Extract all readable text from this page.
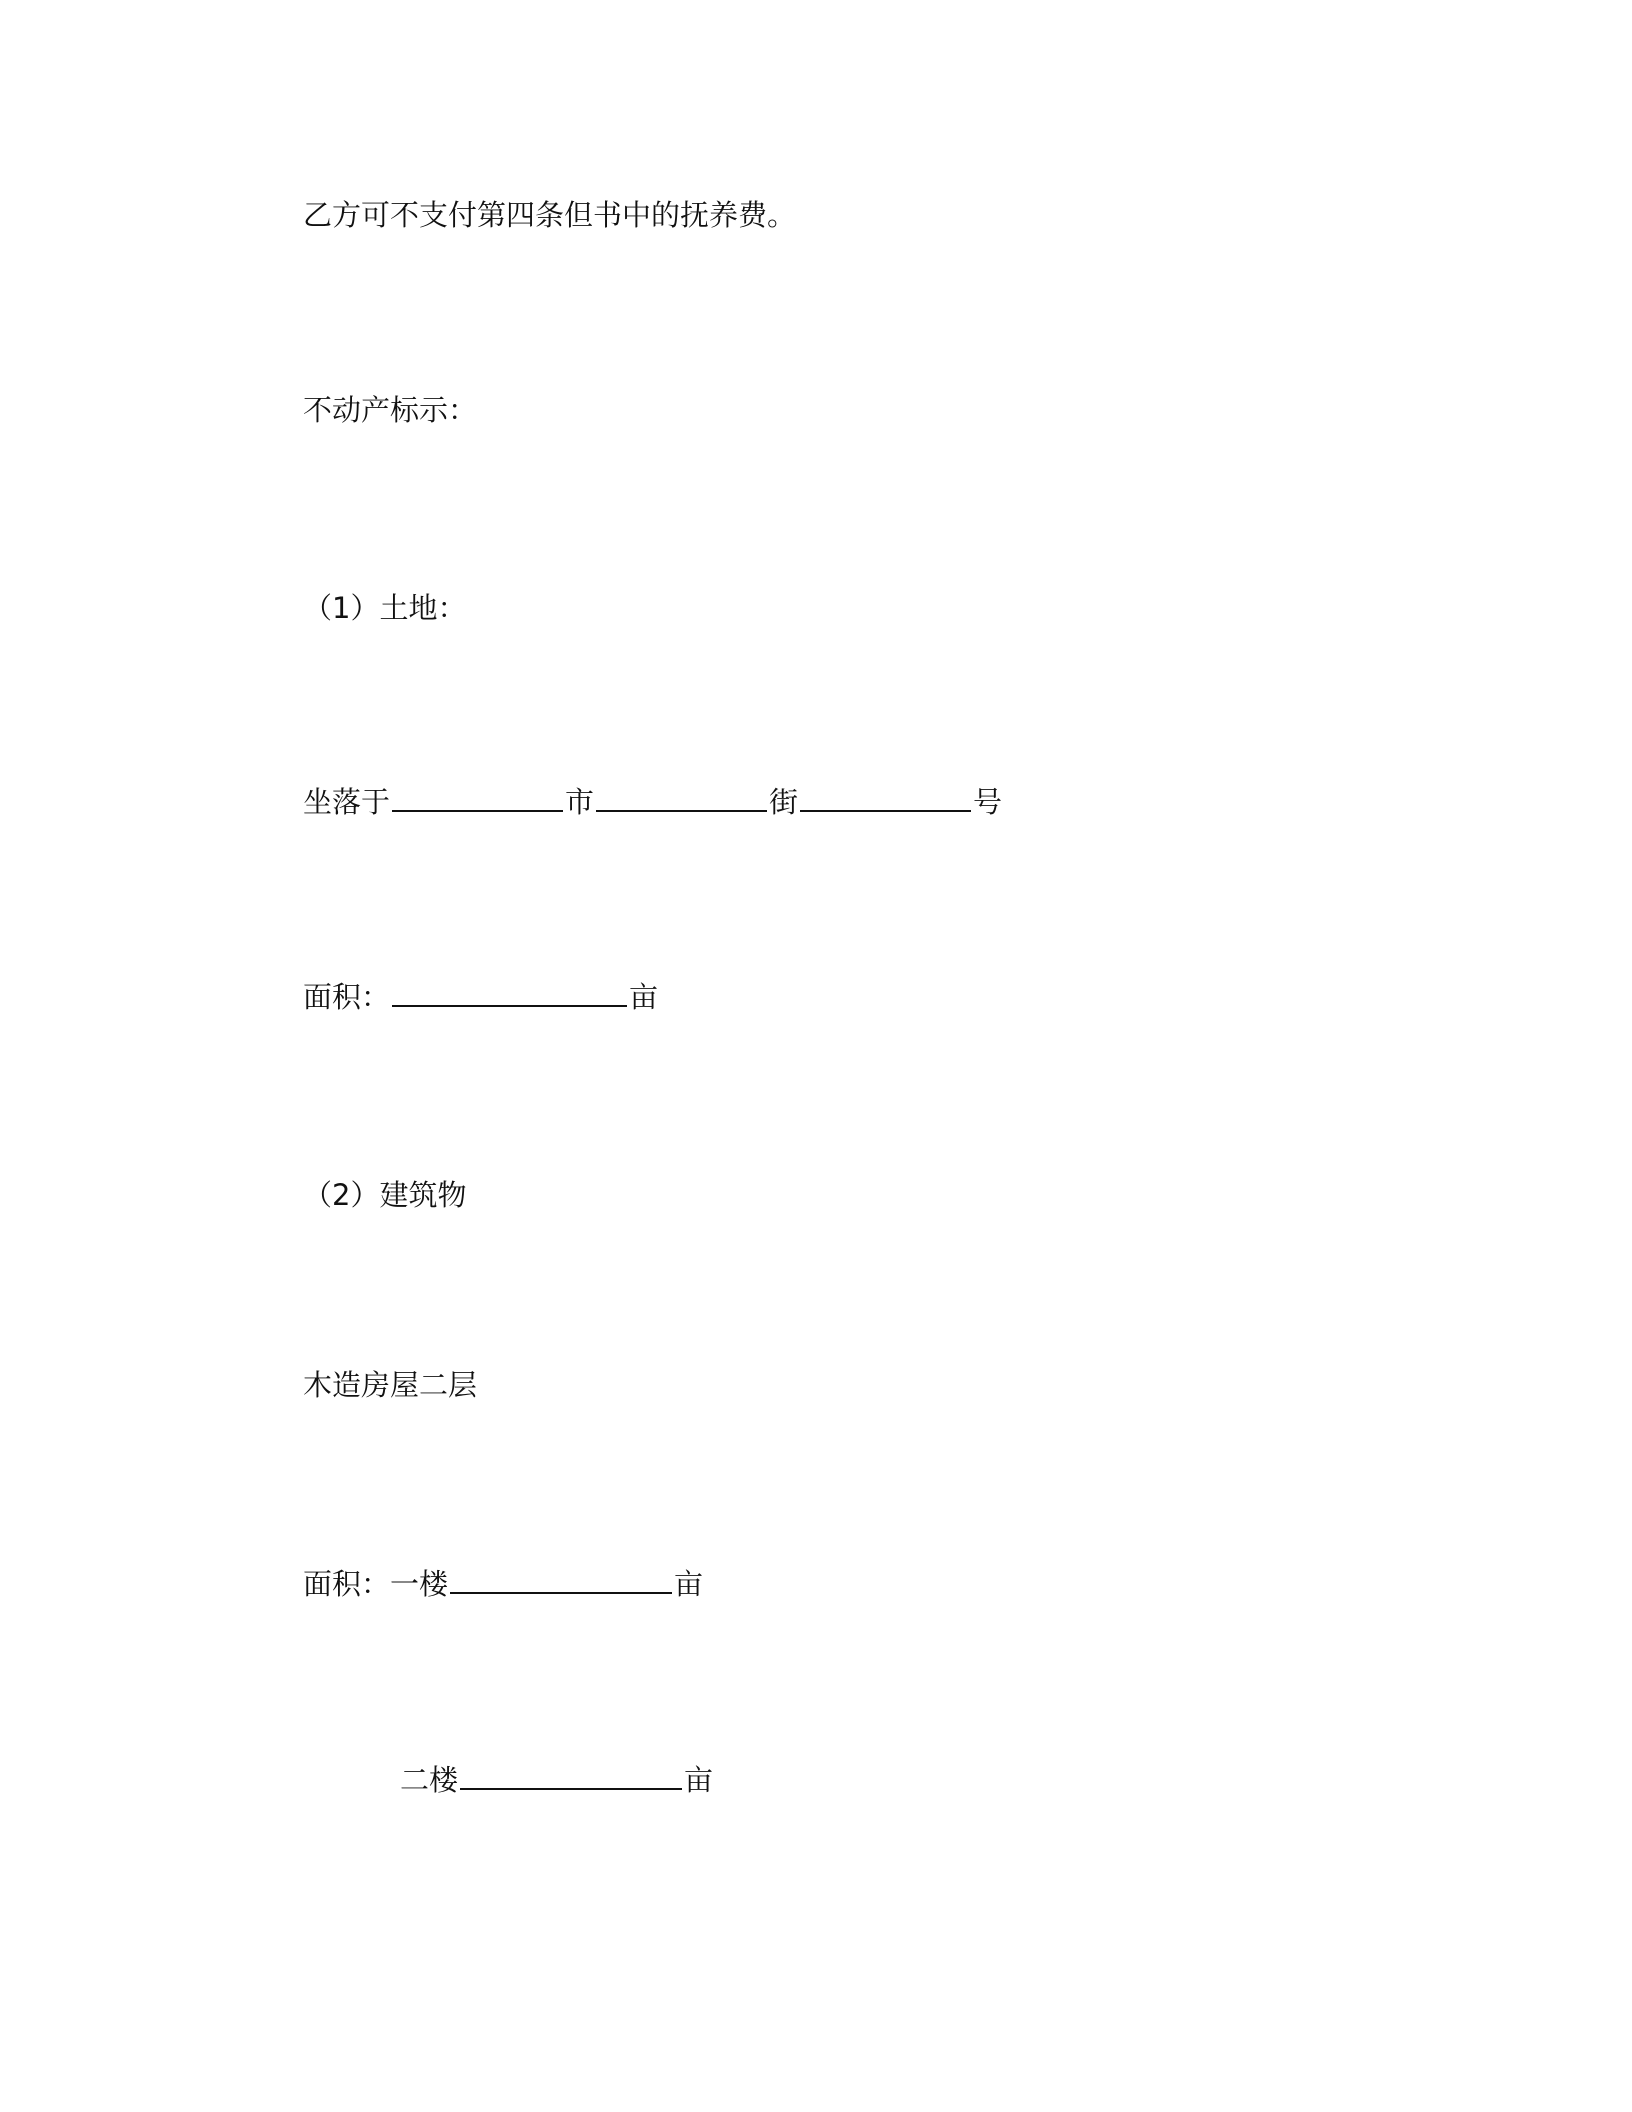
乙方可不支付第四条但书中的抚养费。
不动产标示：
（1）土地：
坐落于	市	街	号
面积：	亩
（2）建筑物
木造房屋二层
面积： 一楼	亩
二楼	亩
